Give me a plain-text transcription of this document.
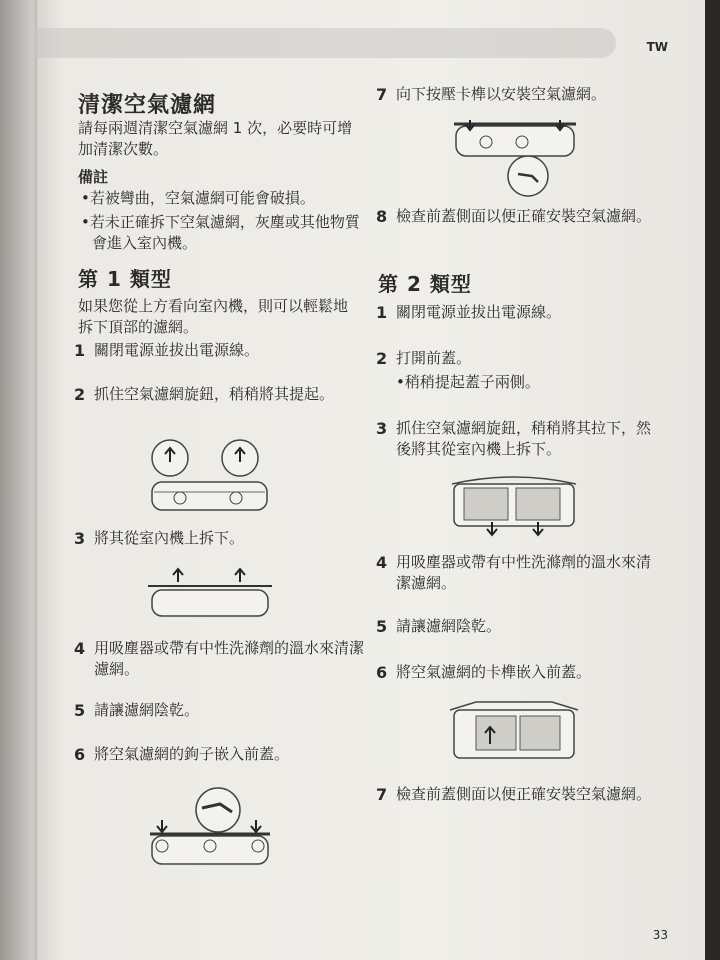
TW
清潔空氣濾網
請每兩週清潔空氣濾網 1 次，必要時可增加清潔次數。
備註
•若被彎曲，空氣濾網可能會破損。
•若未正確拆下空氣濾網，灰塵或其他物質會進入室內機。
第 1 類型
如果您從上方看向室內機，則可以輕鬆地拆下頂部的濾網。
1 關閉電源並拔出電源線。
2 抓住空氣濾網旋鈕，稍稍將其提起。
3 將其從室內機上拆下。
4 用吸塵器或帶有中性洗滌劑的溫水來清潔濾網。
5 請讓濾網陰乾。
6 將空氣濾網的鉤子嵌入前蓋。
7 向下按壓卡榫以安裝空氣濾網。
8 檢查前蓋側面以便正確安裝空氣濾網。
第 2 類型
1 關閉電源並拔出電源線。
2 打開前蓋。
•稍稍提起蓋子兩側。
3 抓住空氣濾網旋鈕，稍稍將其拉下，然後將其從室內機上拆下。
4 用吸塵器或帶有中性洗滌劑的溫水來清潔濾網。
5 請讓濾網陰乾。
6 將空氣濾網的卡榫嵌入前蓋。
7 檢查前蓋側面以便正確安裝空氣濾網。
33
